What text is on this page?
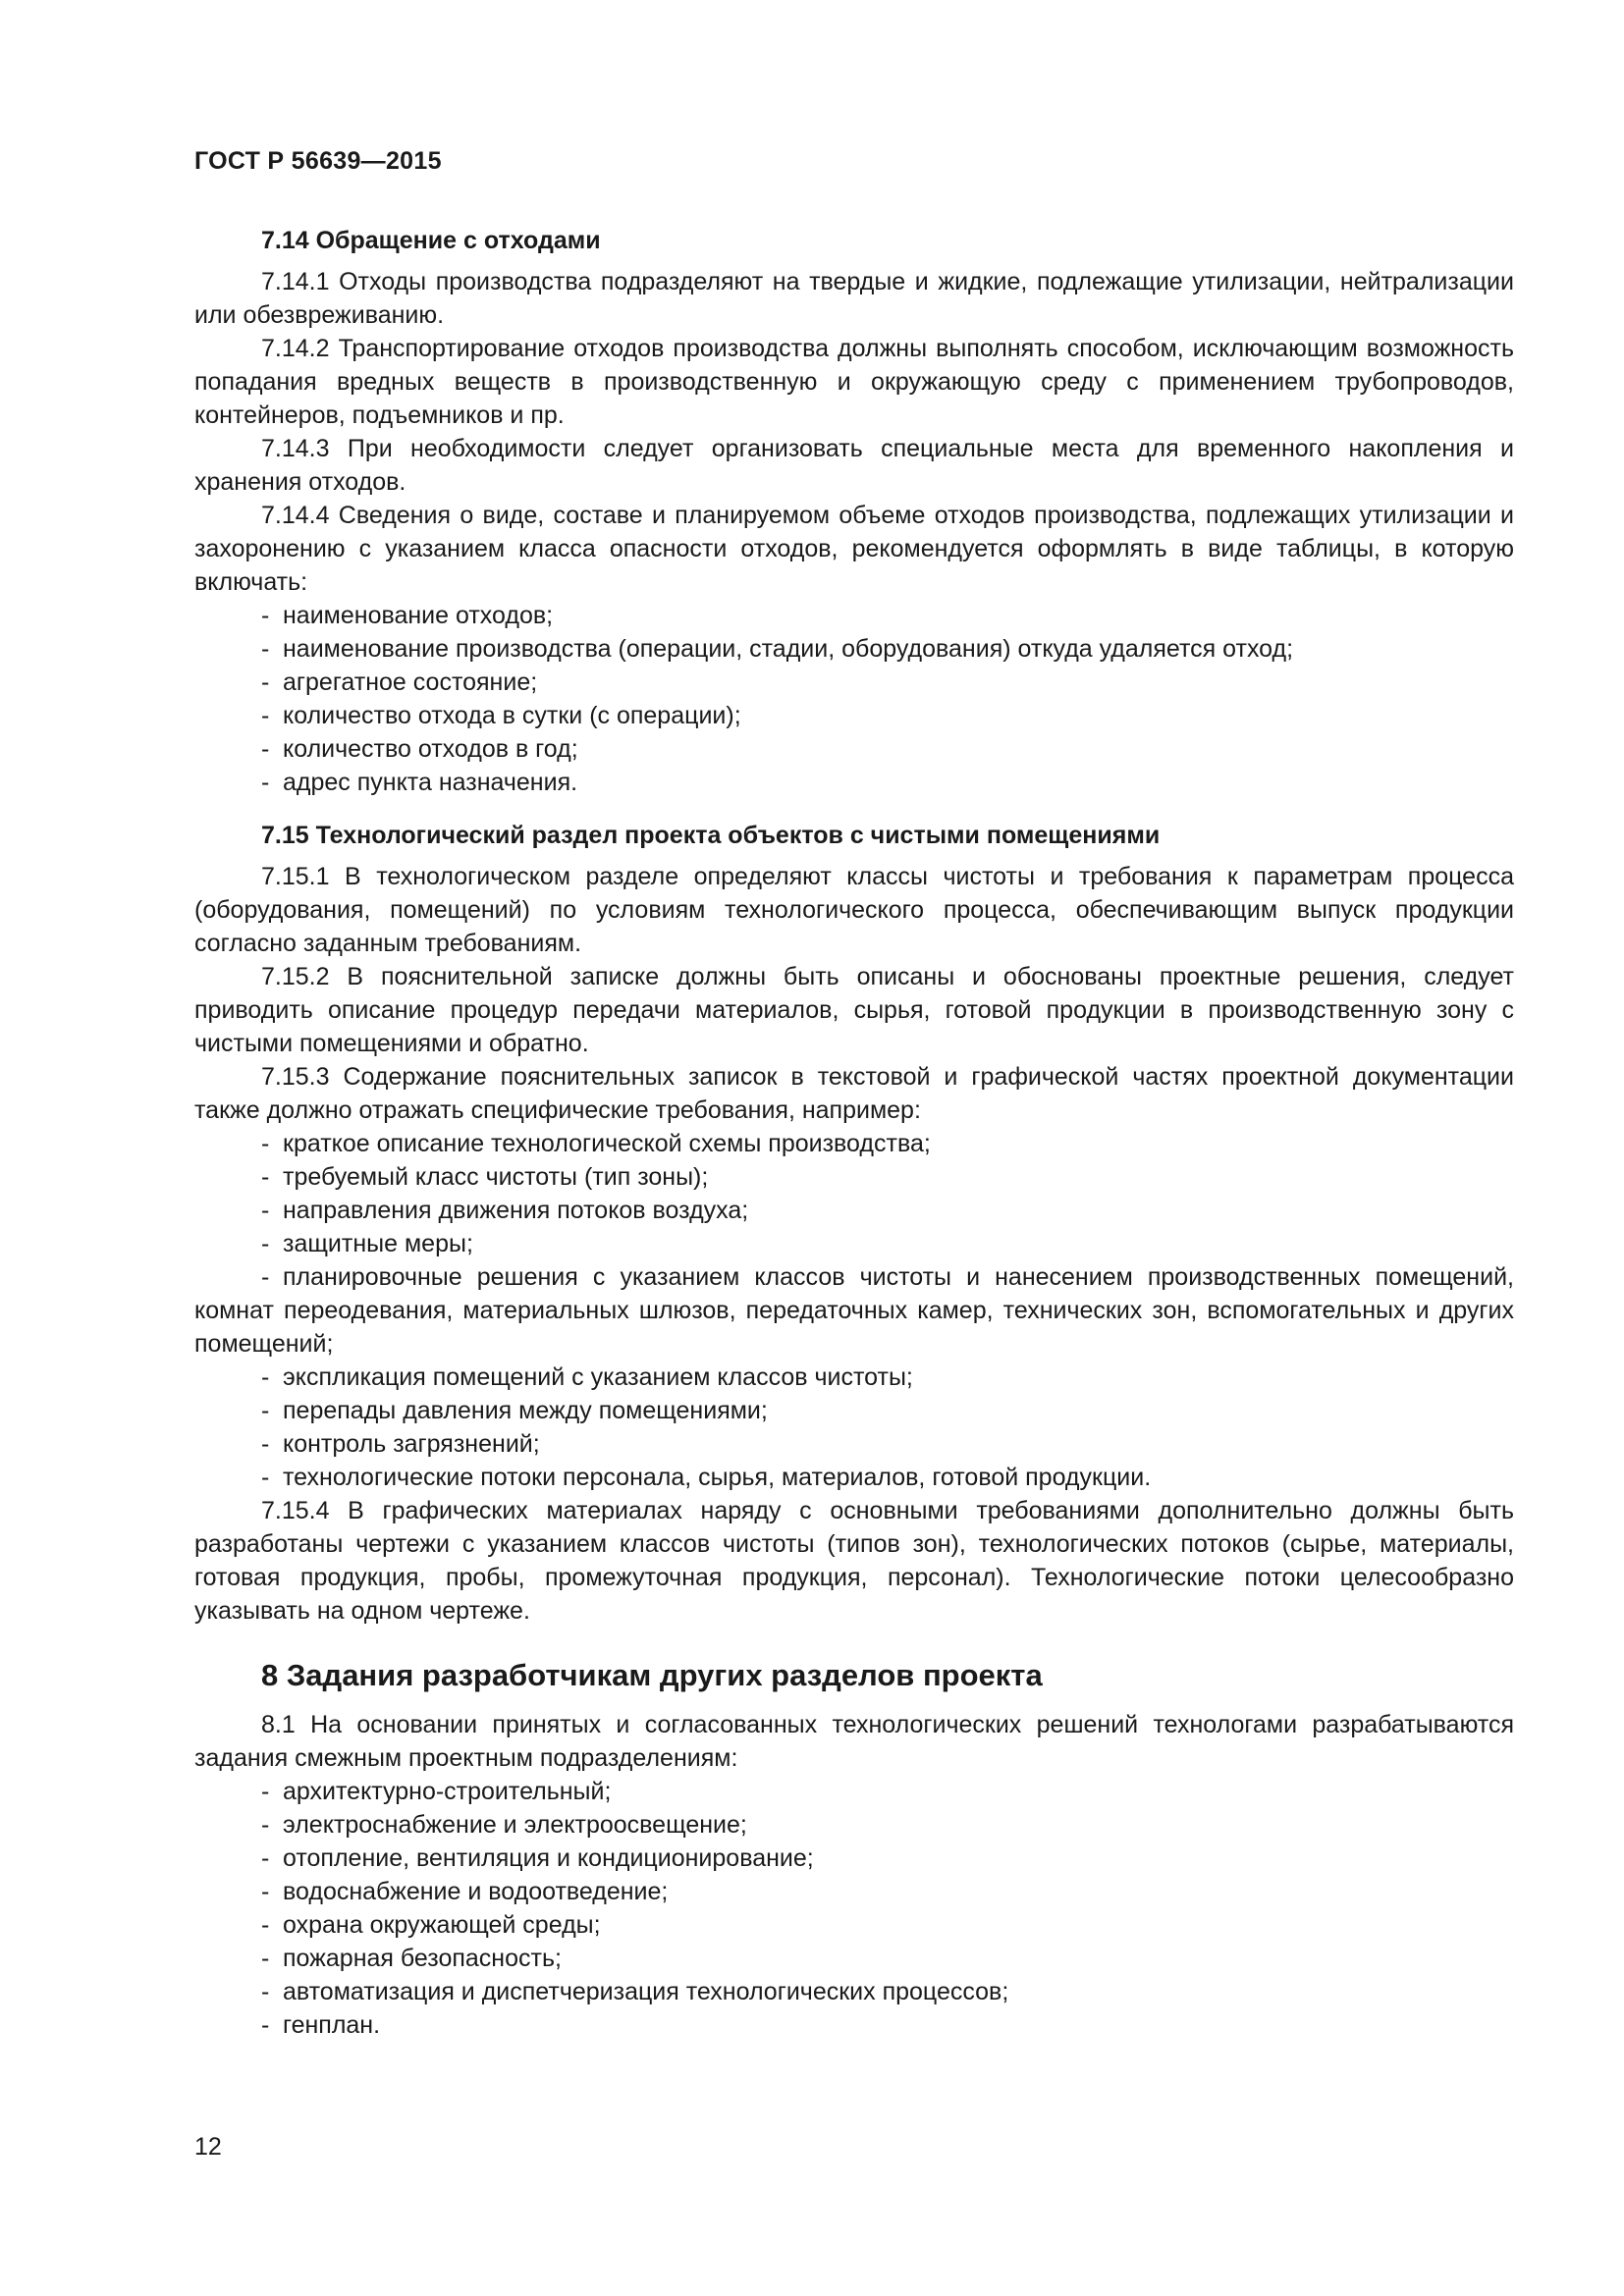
ГОСТ Р 56639—2015
7.14 Обращение с отходами

7.14.1 Отходы производства подразделяют на твердые и жидкие, подлежащие утилизации, нейтрализации или обезвреживанию.

7.14.2 Транспортирование отходов производства должны выполнять способом, исключающим возможность попадания вредных веществ в производственную и окружающую среду с применением трубопроводов, контейнеров, подъемников и пр.

7.14.3 При необходимости следует организовать специальные места для временного накопления и хранения отходов.

7.14.4 Сведения о виде, составе и планируемом объеме отходов производства, подлежащих утилизации и захоронению с указанием класса опасности отходов, рекомендуется оформлять в виде таблицы, в которую включать:

- наименование отходов;
- наименование производства (операции, стадии, оборудования) откуда удаляется отход;
- агрегатное состояние;
- количество отхода в сутки (с операции);
- количество отходов в год;
- адрес пункта назначения.
7.15 Технологический раздел проекта объектов с чистыми помещениями

7.15.1 В технологическом разделе определяют классы чистоты и требования к параметрам процесса (оборудования, помещений) по условиям технологического процесса, обеспечивающим выпуск продукции согласно заданным требованиям.

7.15.2 В пояснительной записке должны быть описаны и обоснованы проектные решения, следует приводить описание процедур передачи материалов, сырья, готовой продукции в производственную зону с чистыми помещениями и обратно.

7.15.3 Содержание пояснительных записок в текстовой и графической частях проектной документации также должно отражать специфические требования, например:

- краткое описание технологической схемы производства;
- требуемый класс чистоты (тип зоны);
- направления движения потоков воздуха;
- защитные меры;
- планировочные решения с указанием классов чистоты и нанесением производственных помещений, комнат переодевания, материальных шлюзов, передаточных камер, технических зон, вспомогательных и других помещений;
- экспликация помещений с указанием классов чистоты;
- перепады давления между помещениями;
- контроль загрязнений;
- технологические потоки персонала, сырья, материалов, готовой продукции.

7.15.4 В графических материалах наряду с основными требованиями дополнительно должны быть разработаны чертежи с указанием классов чистоты (типов зон), технологических потоков (сырье, материалы, готовая продукция, пробы, промежуточная продукция, персонал). Технологические потоки целесообразно указывать на одном чертеже.

8 Задания разработчикам других разделов проекта

8.1 На основании принятых и согласованных технологических решений технологами разрабатываются задания смежным проектным подразделениям:

- архитектурно-строительный;
- электроснабжение и электроосвещение;
- отопление, вентиляция и кондиционирование;
- водоснабжение и водоотведение;
- охрана окружающей среды;
- пожарная безопасность;
- автоматизация и диспетчеризация технологических процессов;
- генплан.
12
